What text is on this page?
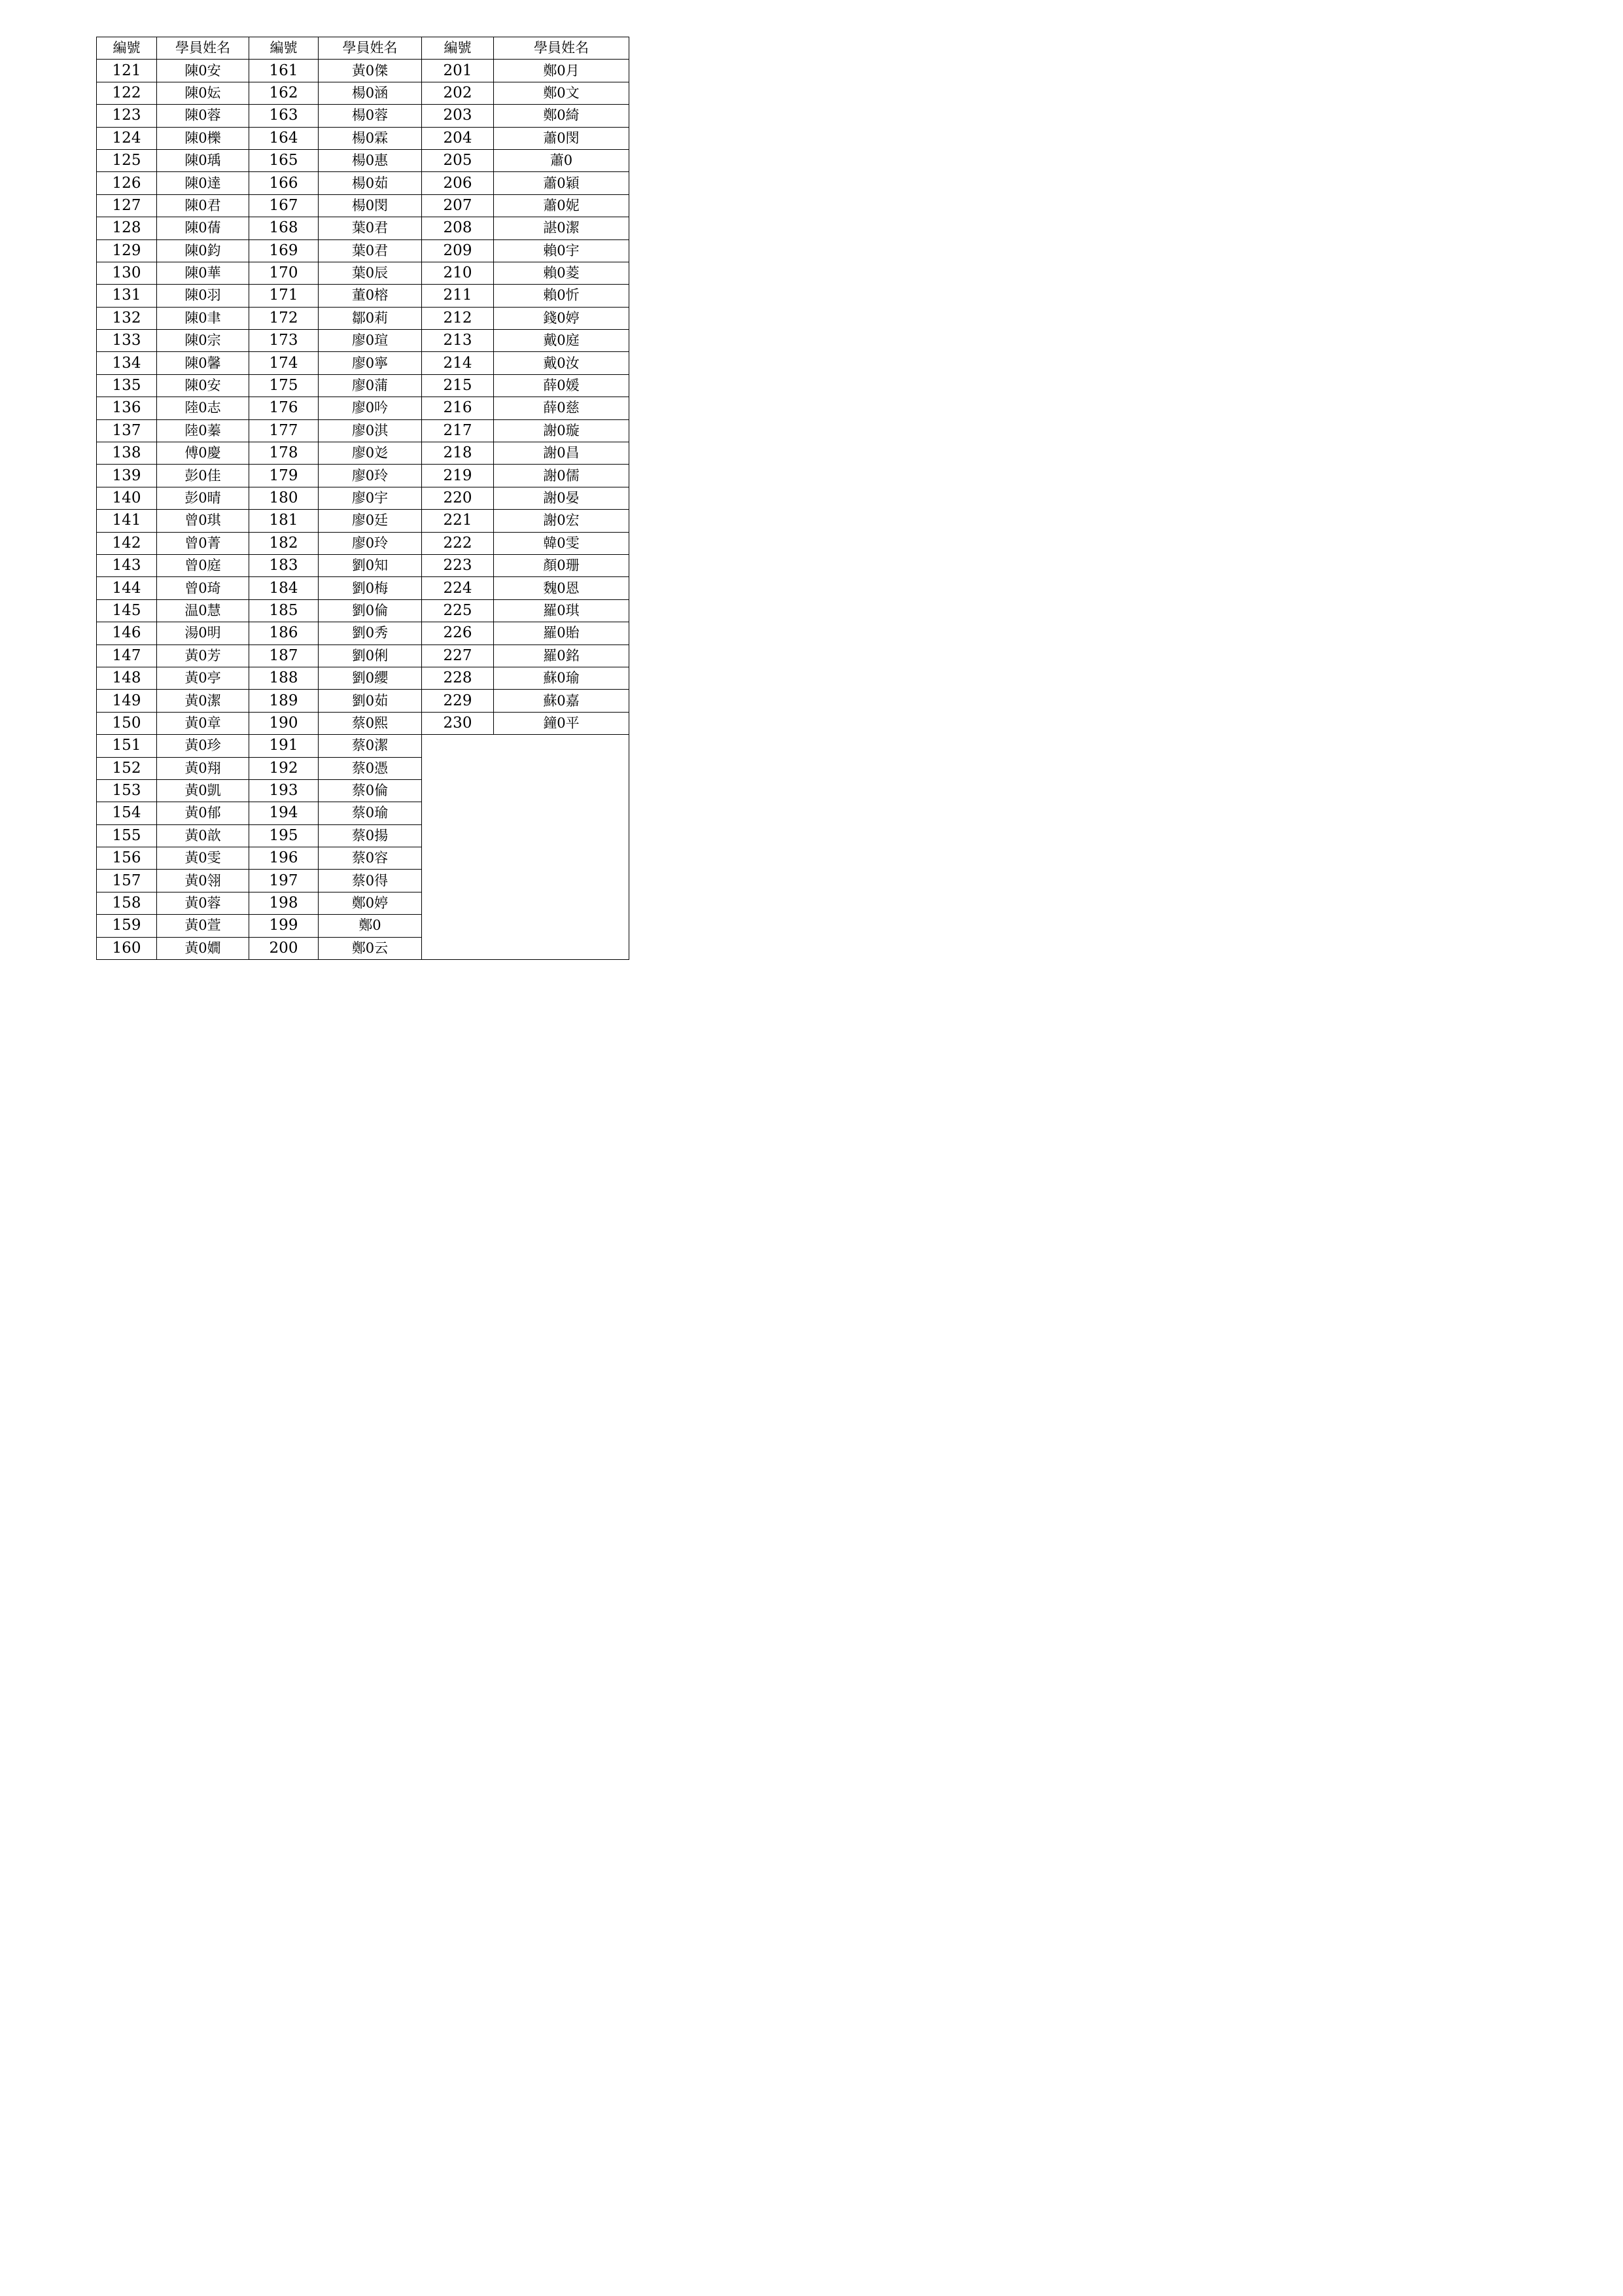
編號	學員姓名	編號	學員姓名	編號	學員姓名
121	陳0安	161	黃0傑	201	鄭0月
122	陳0妘	162	楊0涵	202	鄭0文
123	陳0蓉	163	楊0蓉	203	鄭0綺
124	陳0櫟	164	楊0霖	204	蕭0閔
125	陳0瑀	165	楊0惠	205	蕭0
126	陳0達	166	楊0茹	206	蕭0穎
127	陳0君	167	楊0閔	207	蕭0妮
128	陳0蒨	168	葉0君	208	諶0潔
129	陳0鈞	169	葉0君	209	賴0宇
130	陳0華	170	葉0辰	210	賴0菱
131	陳0羽	171	董0榕	211	賴0忻
132	陳0聿	172	鄒0莉	212	錢0婷
133	陳0宗	173	廖0瑄	213	戴0庭
134	陳0馨	174	廖0寧	214	戴0汝
135	陳0安	175	廖0蒲	215	薛0媛
136	陸0志	176	廖0吟	216	薛0慈
137	陸0蓁	177	廖0淇	217	謝0璇
138	傅0慶	178	廖0彣	218	謝0昌
139	彭0佳	179	廖0玲	219	謝0儒
140	彭0晴	180	廖0宇	220	謝0晏
141	曾0琪	181	廖0廷	221	謝0宏
142	曾0菁	182	廖0玲	222	韓0雯
143	曾0庭	183	劉0知	223	顏0珊
144	曾0琦	184	劉0梅	224	魏0恩
145	温0慧	185	劉0倫	225	羅0琪
146	湯0明	186	劉0秀	226	羅0貽
147	黃0芳	187	劉0俐	227	羅0銘
148	黃0亭	188	劉0纓	228	蘇0瑜
149	黃0潔	189	劉0茹	229	蘇0嘉
150	黃0章	190	蔡0熙	230	鐘0平
151	黃0珍	191	蔡0潔		
152	黃0翔	192	蔡0憑		
153	黃0凱	193	蔡0倫		
154	黃0郁	194	蔡0瑜		
155	黃0歆	195	蔡0揚		
156	黃0雯	196	蔡0容		
157	黃0翎	197	蔡0得		
158	黃0蓉	198	鄭0婷		
159	黃0萱	199	鄭0		
160	黃0嫺	200	鄭0云		
